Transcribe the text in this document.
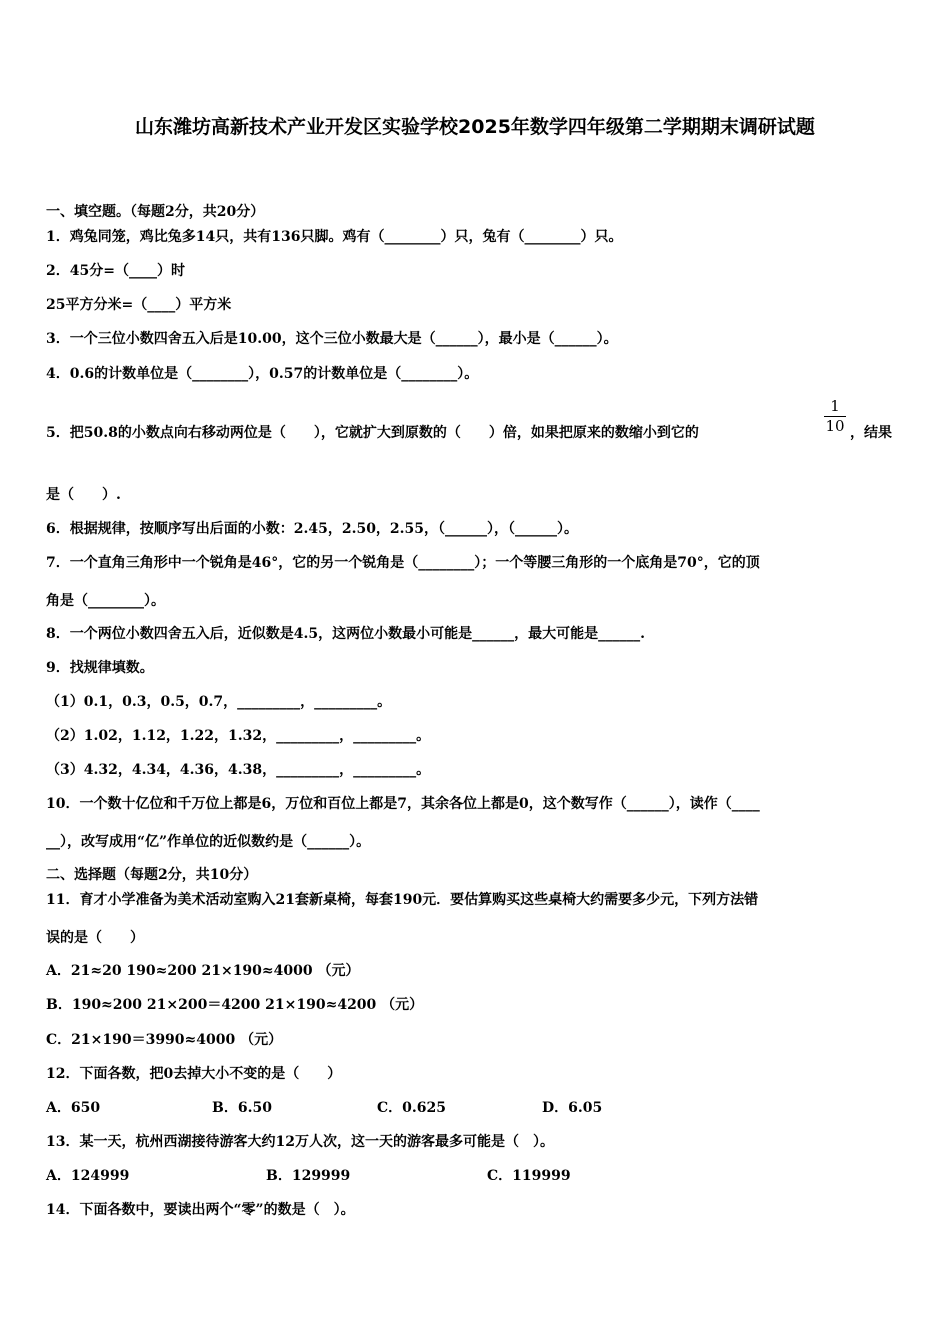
山东潍坊高新技术产业开发区实验学校2025年数学四年级第二学期期末调研试题
一、填空题。（每题2分，共20分）
1．鸡兔同笼，鸡比兔多14只，共有136只脚。鸡有（________）只，兔有（________）只。
2．45分=（____）时
25平方分米=（____）平方米
3．一个三位小数四舍五入后是10.00，这个三位小数最大是（______），最小是（______）。
4．0.6的计数单位是（________），0.57的计数单位是（________）。
5．把50.8的小数点向右移动两位是（　　），它就扩大到原数的（　　）倍，如果把原来的数缩小到它的
1
10 ，结果
是（　　）.
6．根据规律，按顺序写出后面的小数：2.45，2.50，2.55，（______），（______）。
7．一个直角三角形中一个锐角是46°，它的另一个锐角是（________）；一个等腰三角形的一个底角是70°，它的顶
角是（________）。
8．一个两位小数四舍五入后，近似数是4.5，这两位小数最小可能是______，最大可能是______.
9．找规律填数。
（1）0.1，0.3，0.5，0.7，_________，_________。
（2）1.02，1.12，1.22，1.32，_________，_________。
（3）4.32，4.34，4.36，4.38，_________，_________。
10．一个数十亿位和千万位上都是6，万位和百位上都是7，其余各位上都是0，这个数写作（______），读作（____
__），改写成用“亿”作单位的近似数约是（______）。
二、选择题（每题2分，共10分）
11．育才小学准备为美术活动室购入21套新桌椅，每套190元．要估算购买这些桌椅大约需要多少元，下列方法错
误的是（　　）
A．21≈20 190≈200 21×190≈4000 （元）
B．190≈200 21×200＝4200 21×190≈4200 （元）
C．21×190＝3990≈4000 （元）
12．下面各数，把0去掉大小不变的是（　　）
A．650	B．6.50	C．0.625	D．6.05
13．某一天，杭州西湖接待游客大约12万人次，这一天的游客最多可能是（　）。
A．124999	B．129999	C．119999
14．下面各数中，要读出两个“零”的数是（　）。
